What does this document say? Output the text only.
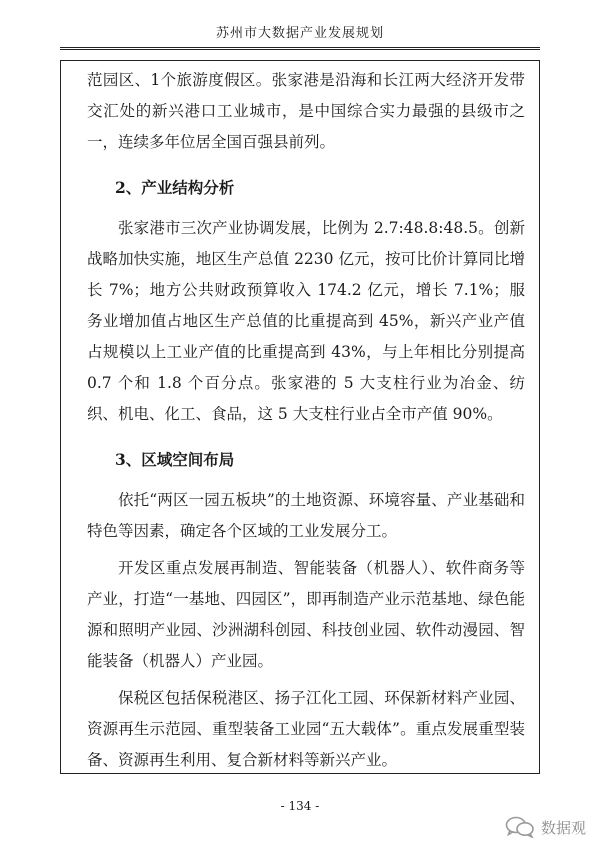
苏州市大数据产业发展规划

范园区、1个旅游度假区。张家港是沿海和长江两大经济开发带交汇处的新兴港口工业城市，是中国综合实力最强的县级市之一，连续多年位居全国百强县前列。

2、产业结构分析

张家港市三次产业协调发展，比例为 2.7:48.8:48.5。创新战略加快实施，地区生产总值 2230 亿元，按可比价计算同比增长 7%；地方公共财政预算收入 174.2 亿元，增长 7.1%；服务业增加值占地区生产总值的比重提高到 45%，新兴产业产值占规模以上工业产值的比重提高到 43%，与上年相比分别提高 0.7 个和 1.8 个百分点。张家港的 5 大支柱行业为冶金、纺织、机电、化工、食品，这 5 大支柱行业占全市产值 90%。

3、区域空间布局

依托“两区一园五板块”的土地资源、环境容量、产业基础和特色等因素，确定各个区域的工业发展分工。

开发区重点发展再制造、智能装备（机器人）、软件商务等产业，打造“一基地、四园区”，即再制造产业示范基地、绿色能源和照明产业园、沙洲湖科创园、科技创业园、软件动漫园、智能装备（机器人）产业园。

保税区包括保税港区、扬子江化工园、环保新材料产业园、资源再生示范园、重型装备工业园“五大载体”。重点发展重型装备、资源再生利用、复合新材料等新兴产业。

- 134 -
数据观
